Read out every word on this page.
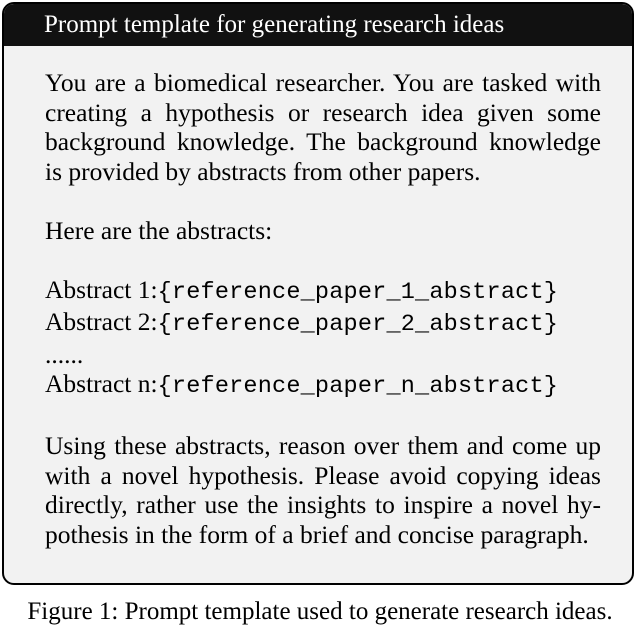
Prompt template for generating research ideas

You are a biomedical researcher. You are tasked with creating a hypothesis or research idea given some background knowledge. The background knowledge is provided by abstracts from other papers.

Here are the abstracts:

Abstract 1:{reference_paper_1_abstract}

Abstract 2:{reference_paper_2_abstract}

......

Abstract n:{reference_paper_n_abstract}

Using these abstracts, reason over them and come up with a novel hypothesis. Please avoid copying ideas directly, rather use the insights to inspire a novel hy-pothesis in the form of a brief and concise paragraph.

Figure 1: Prompt template used to generate research ideas.
